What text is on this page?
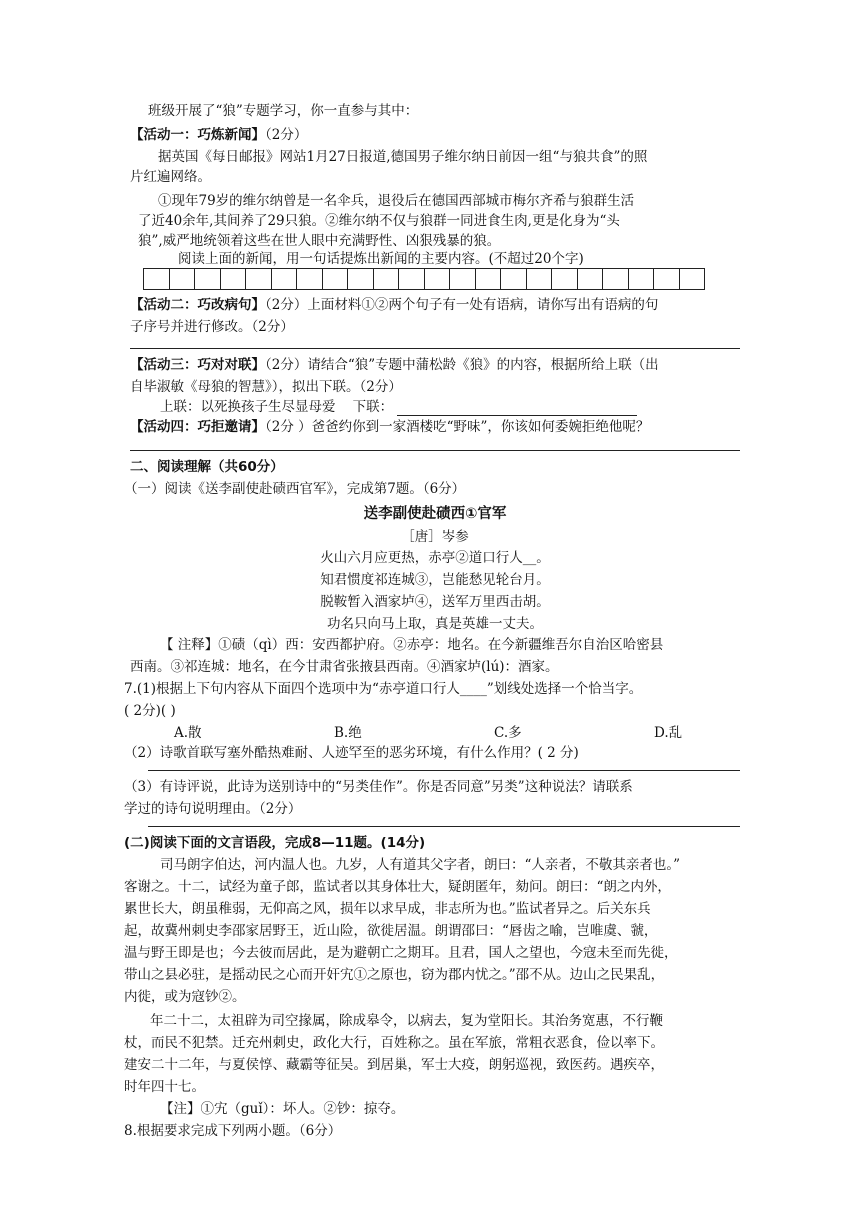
班级开展了“狼”专题学习，你一直参与其中：
【活动一：巧炼新闻】（2分）
据英国《每日邮报》网站1月27日报道,德国男子维尔纳日前因一组“与狼共食”的照
片红遍网络。
①现年79岁的维尔纳曾是一名伞兵，退役后在德国西部城市梅尔齐希与狼群生活
了近40余年,其间养了29只狼。②维尔纳不仅与狼群一同进食生肉,更是化身为“头
狼”,威严地统领着这些在世人眼中充满野性、凶狠残暴的狼。
阅读上面的新闻，用一句话提炼出新闻的主要内容。(不超过20个字)
【活动二：巧改病句】（2分）上面材料①②两个句子有一处有语病，请你写出有语病的句
子序号并进行修改。（2分）
【活动三：巧对对联】（2分）请结合“狼”专题中蒲松龄《狼》的内容，根据所给上联（出
自毕淑敏《母狼的智慧》），拟出下联。（2分）
上联：以死换孩子生尽显母爱 下联：
【活动四：巧拒邀请】（2分 ）爸爸约你到一家酒楼吃“野味”，你该如何委婉拒绝他呢？
二、阅读理解（共60分）
（一）阅读《送李副使赴碛西官军》，完成第7题。（6分）
送李副使赴碛西①官军
［唐］岑参
火山六月应更热，赤亭②道口行人__。
知君惯度祁连城③，岂能愁见轮台月。
脱鞍暂入酒家垆④，送军万里西击胡。
功名只向马上取，真是英雄一丈夫。
【 注释】①碛（qì）西：安西都护府。②赤亭：地名。在今新疆维吾尔自治区哈密县
西南。③祁连城：地名，在今甘肃省张掖县西南。④酒家垆(lú)：酒家。
7.(1)根据上下句内容从下面四个选项中为“赤亭道口行人____”划线处选择一个恰当字。
( 2分)( )
A.散	B.绝	C.多	D.乱
（2）诗歌首联写塞外酷热难耐、人迹罕至的恶劣环境，有什么作用？( 2 分)
（3）有诗评说，此诗为送别诗中的“另类佳作”。你是否同意”另类”这种说法？请联系
学过的诗句说明理由。（2分）
(二)阅读下面的文言语段，完成8—11题。(14分)
司马朗字伯达，河内温人也。九岁，人有道其父字者，朗曰：“人亲者，不敬其亲者也。”
客谢之。十二，试经为童子郎，监试者以其身体壮大，疑朗匿年，劾问。朗曰：“朗之内外，
累世长大，朗虽稚弱，无仰高之风，损年以求早成，非志所为也。”监试者异之。后关东兵
起，故冀州刺史李邵家居野王，近山险，欲徙居温。朗谓邵曰：“唇齿之喻，岂唯虞、虢，
温与野王即是也；今去彼而居此，是为避朝亡之期耳。且君，国人之望也，今寇未至而先徙，
带山之县必驻，是摇动民之心而开奸宄①之原也，窃为郡内忧之。”邵不从。边山之民果乱，
内徙，或为寇钞②。
年二十二，太祖辟为司空掾属，除成皋令，以病去，复为堂阳长。其治务宽惠，不行鞭
杖，而民不犯禁。迁充州刺史，政化大行，百姓称之。虽在军旅，常粗衣恶食，俭以率下。
建安二十二年，与夏侯惇、藏霸等征吴。到居巢，军士大疫，朗躬巡视，致医药。遇疾卒，
时年四十七。
【注】①宄（guǐ）：坏人。②钞：掠夺。
8.根据要求完成下列两小题。（6分）
